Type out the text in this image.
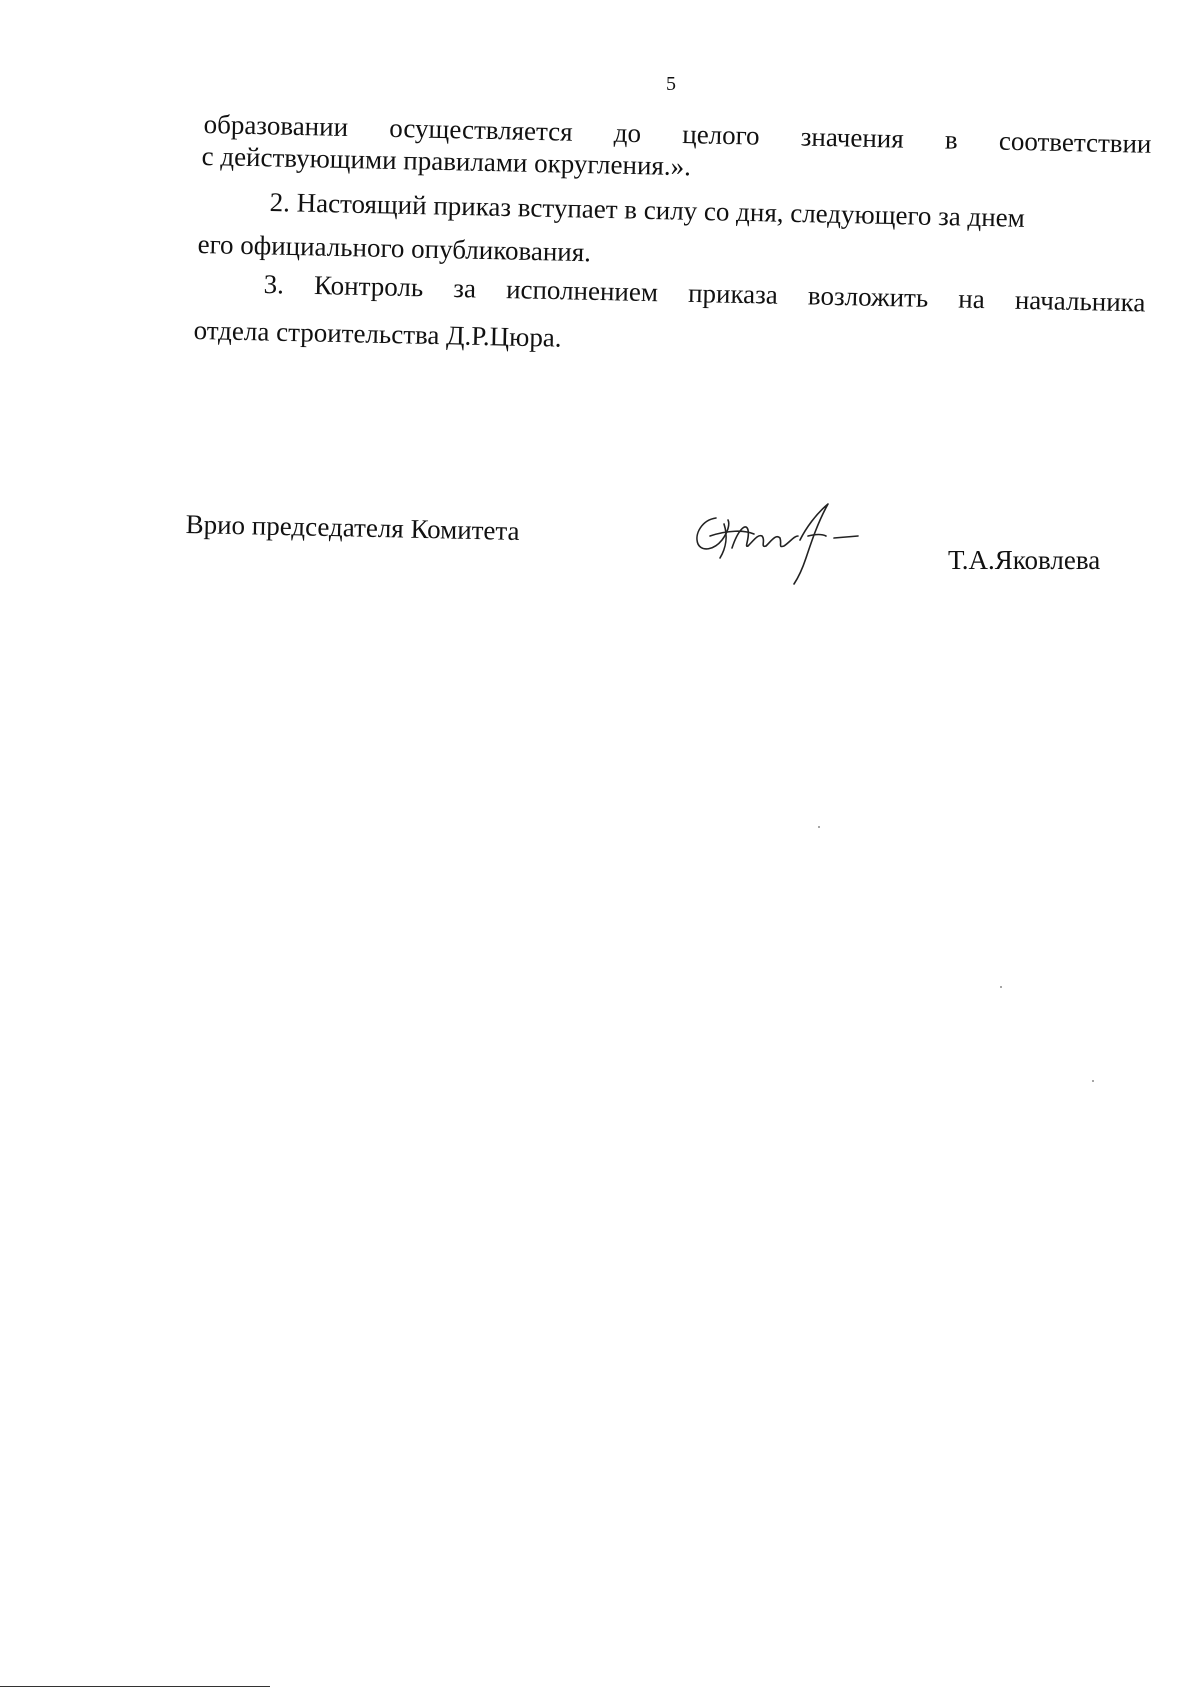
5
образовании осуществляется до целого значения в соответствии
с действующими правилами округления.».
2. Настоящий приказ вступает в силу со дня, следующего за днем
его официального опубликования.
3. Контроль за исполнением приказа возложить на начальника
отдела строительства Д.Р.Цюра.
Врио председателя Комитета
Т.А.Яковлева
